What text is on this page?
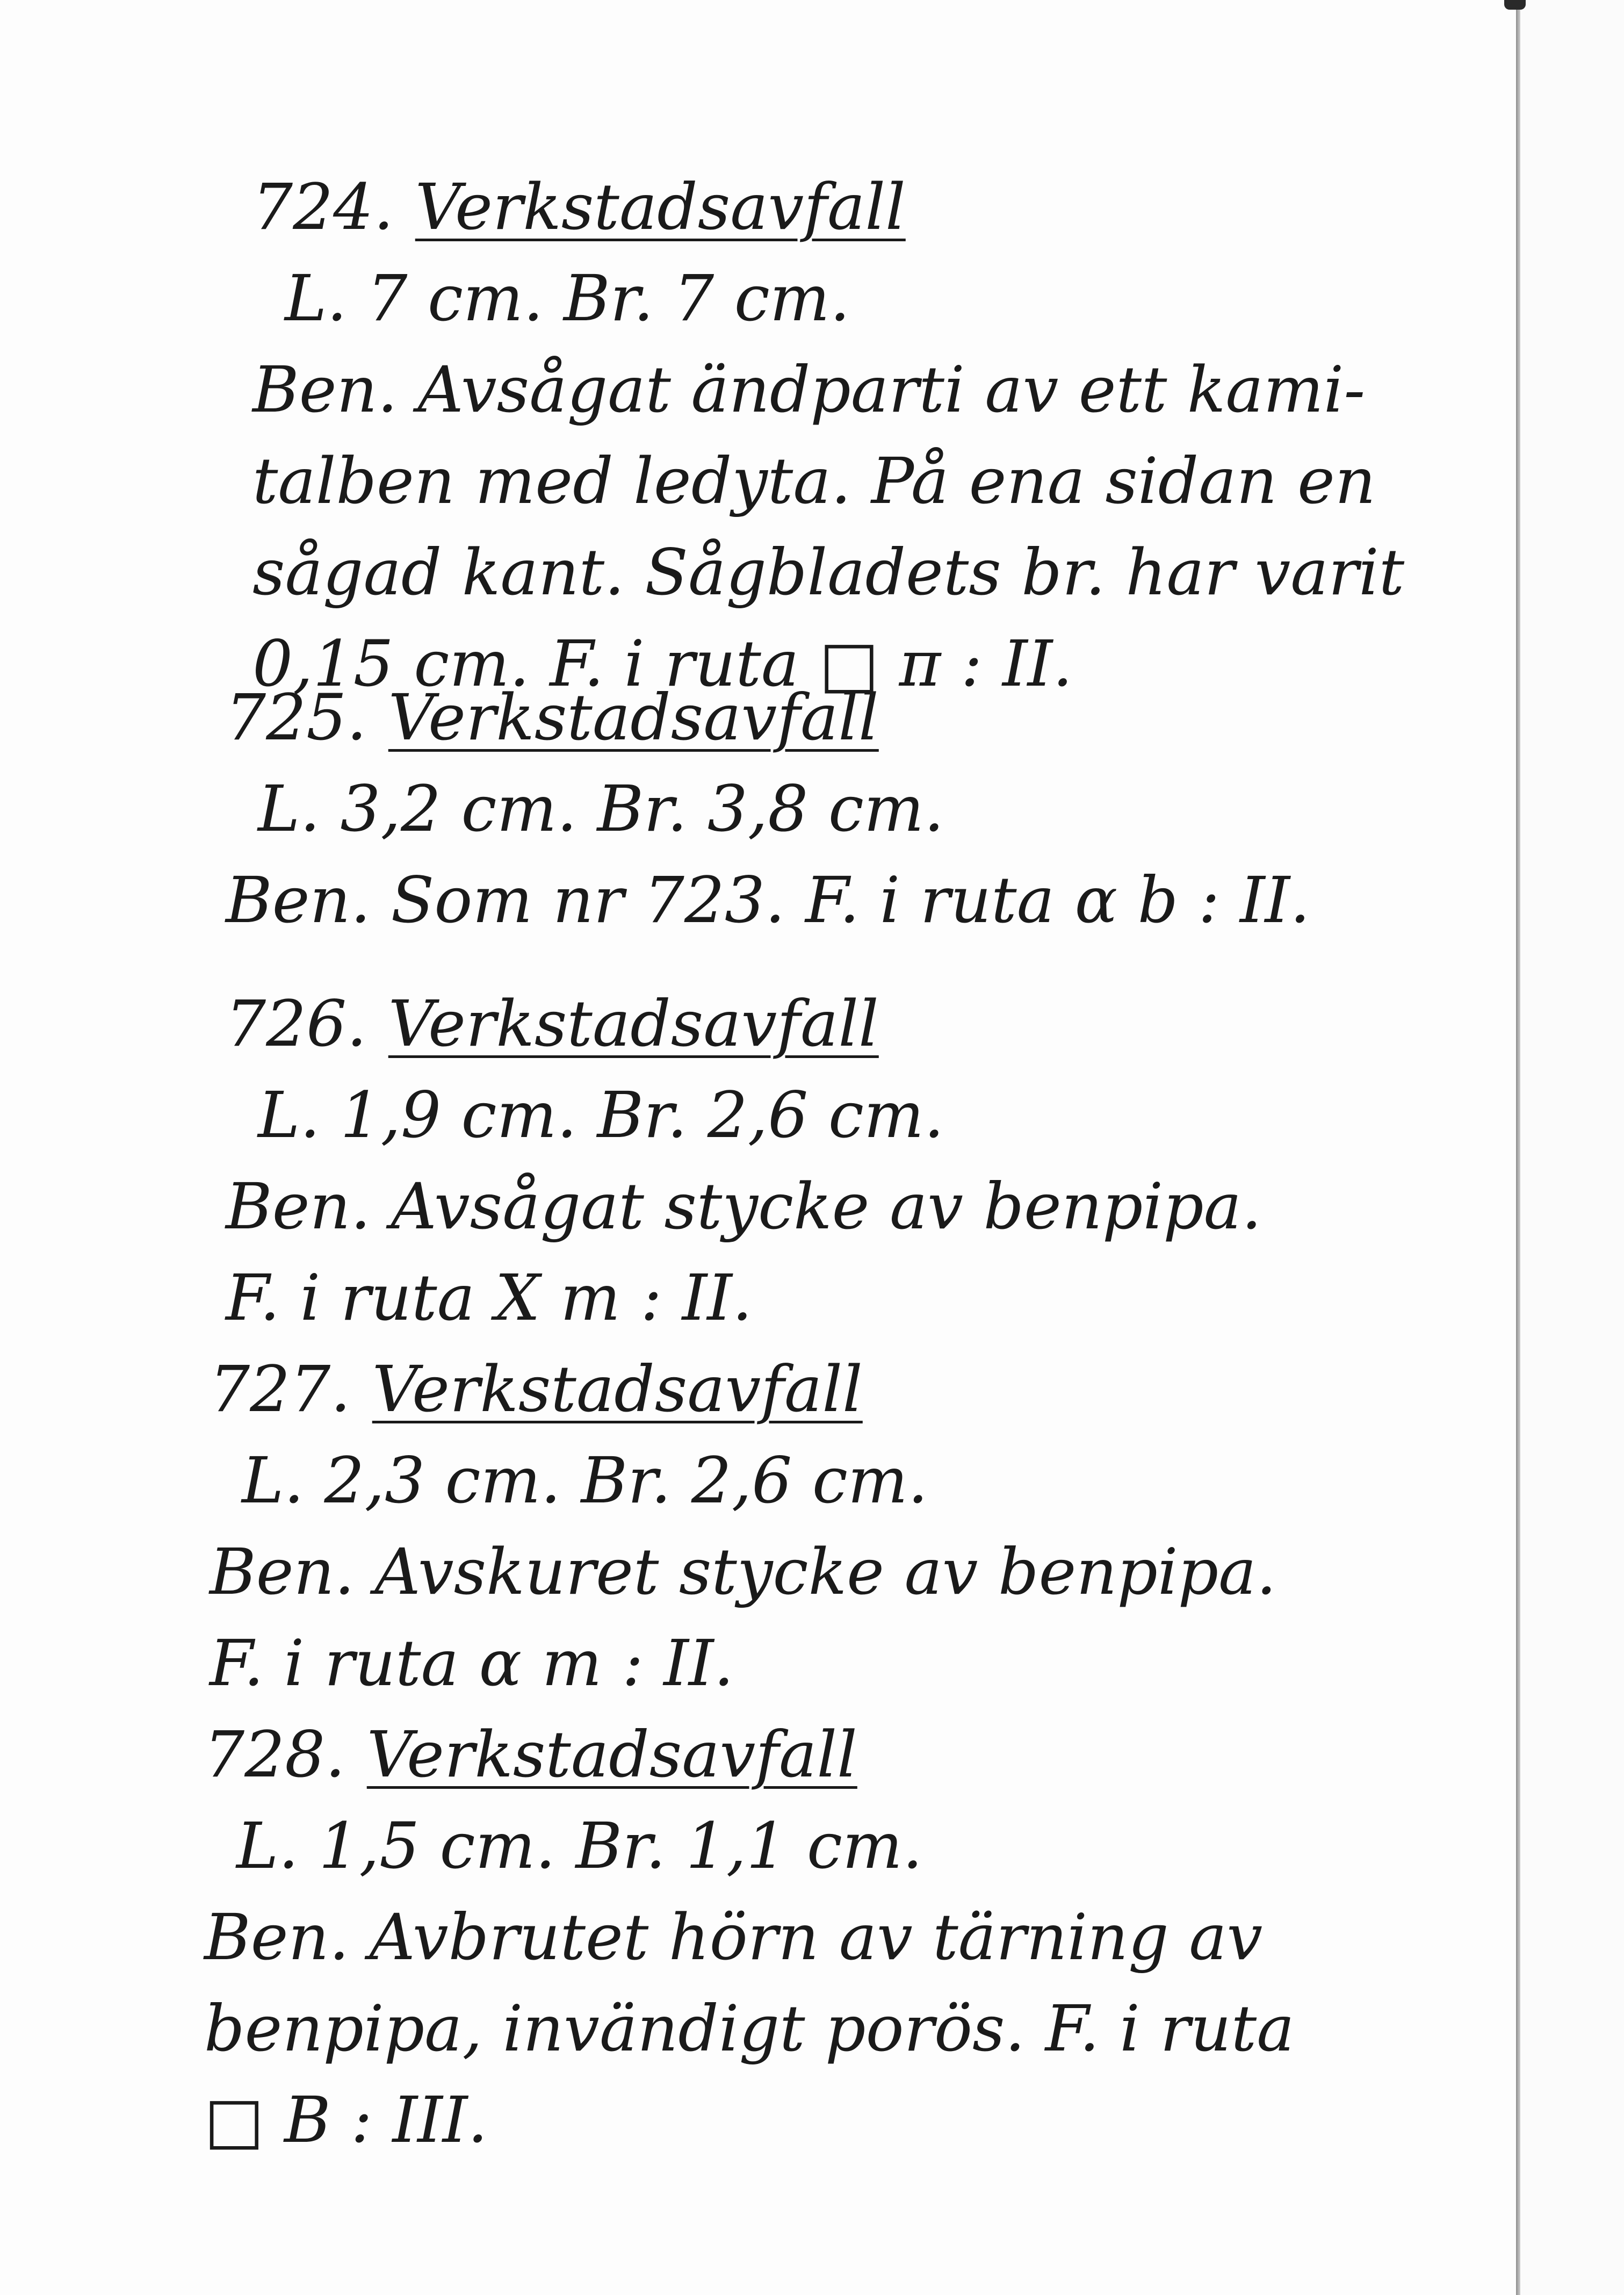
724. Verkstadsavfall
L. 7 cm. Br. 7 cm.
Ben. Avsågat ändparti av ett kami-
talben med ledyta. På ena sidan en
sågad kant. Sågbladets br. har varit
0,15 cm. F. i ruta □ π : II.
725. Verkstadsavfall
L. 3,2 cm. Br. 3,8 cm.
Ben. Som nr 723. F. i ruta α b : II.
726. Verkstadsavfall
L. 1,9 cm. Br. 2,6 cm.
Ben. Avsågat stycke av benpipa.
F. i ruta X m : II.
727. Verkstadsavfall
L. 2,3 cm. Br. 2,6 cm.
Ben. Avskuret stycke av benpipa.
F. i ruta α m : II.
728. Verkstadsavfall
L. 1,5 cm. Br. 1,1 cm.
Ben. Avbrutet hörn av tärning av
benpipa, invändigt porös. F. i ruta
□ B : III.
